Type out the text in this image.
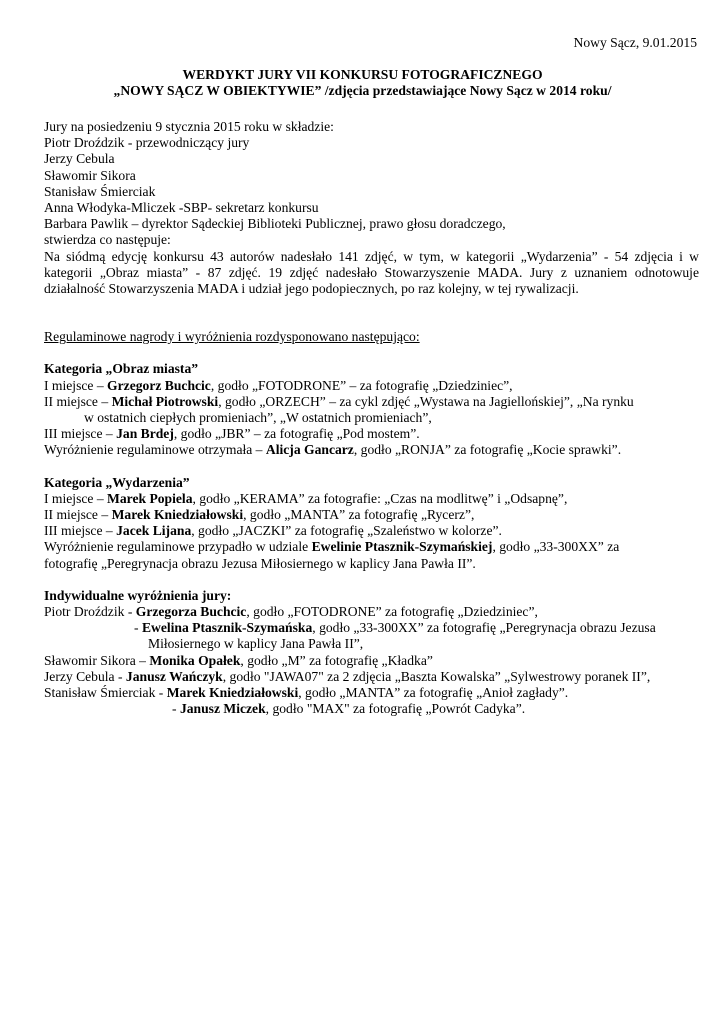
Nowy Sącz, 9.01.2015
WERDYKT JURY VII KONKURSU FOTOGRAFICZNEGO
„NOWY SĄCZ W OBIEKTYWIE” /zdjęcia przedstawiające Nowy Sącz w 2014 roku/
Jury na posiedzeniu 9 stycznia 2015 roku w składzie:
Piotr Droździk - przewodniczący jury
Jerzy Cebula
Sławomir Sikora
Stanisław Śmierciak
Anna Włodyka-Mliczek -SBP- sekretarz konkursu
Barbara Pawlik – dyrektor Sądeckiej Biblioteki Publicznej, prawo głosu doradczego,
stwierdza co następuje:
Na siódmą edycję konkursu 43 autorów nadesłało 141 zdjęć, w tym, w kategorii „Wydarzenia” - 54 zdjęcia i w kategorii „Obraz miasta” - 87 zdjęć. 19 zdjęć nadesłało Stowarzyszenie MADA. Jury z uznaniem odnotowuje działalność Stowarzyszenia MADA i udział jego podopiecznych, po raz kolejny, w tej rywalizacji.
Regulaminowe nagrody i wyróżnienia rozdysponowano następująco:
Kategoria „Obraz miasta”
I miejsce – Grzegorz Buchcic, godło „FOTODRONE” – za fotografię „Dziedziniec”,
II miejsce – Michał Piotrowski, godło „ORZECH” – za cykl zdjęć „Wystawa na Jagiellońskiej”, „Na rynku
w ostatnich ciepłych promieniach”, „W ostatnich promieniach”,
III miejsce – Jan Brdej, godło „JBR” – za fotografię „Pod mostem”.
Wyróżnienie regulaminowe otrzymała – Alicja Gancarz, godło „RONJA” za fotografię „Kocie sprawki”.
Kategoria „Wydarzenia”
I miejsce – Marek Popiela, godło „KERAMA” za fotografie: „Czas na modlitwę” i „Odsapnę”,
II miejsce – Marek Kniedziałowski, godło „MANTA” za fotografię „Rycerz”,
III miejsce – Jacek Lijana, godło „JACZKI” za fotografię „Szaleństwo w kolorze”.
Wyróżnienie regulaminowe przypadło w udziale Ewelinie Ptasznik-Szymańskiej, godło „33-300XX” za
fotografię „Peregrynacja obrazu Jezusa Miłosiernego w kaplicy Jana Pawła II”.
Indywidualne wyróżnienia jury:
Piotr Droździk - Grzegorza Buchcic, godło „FOTODRONE” za fotografię „Dziedziniec”,
- Ewelina Ptasznik-Szymańska, godło „33-300XX” za fotografię „Peregrynacja obrazu Jezusa
Miłosiernego w kaplicy Jana Pawła II”,
Sławomir Sikora – Monika Opałek, godło „M” za fotografię „Kładka”
Jerzy Cebula - Janusz Wańczyk, godło "JAWA07" za 2 zdjęcia „Baszta Kowalska” „Sylwestrowy poranek II”,
Stanisław Śmierciak - Marek Kniedziałowski, godło „MANTA” za fotografię „Anioł zagłady”.
- Janusz Miczek, godło "MAX" za fotografię „Powrót Cadyka”.
